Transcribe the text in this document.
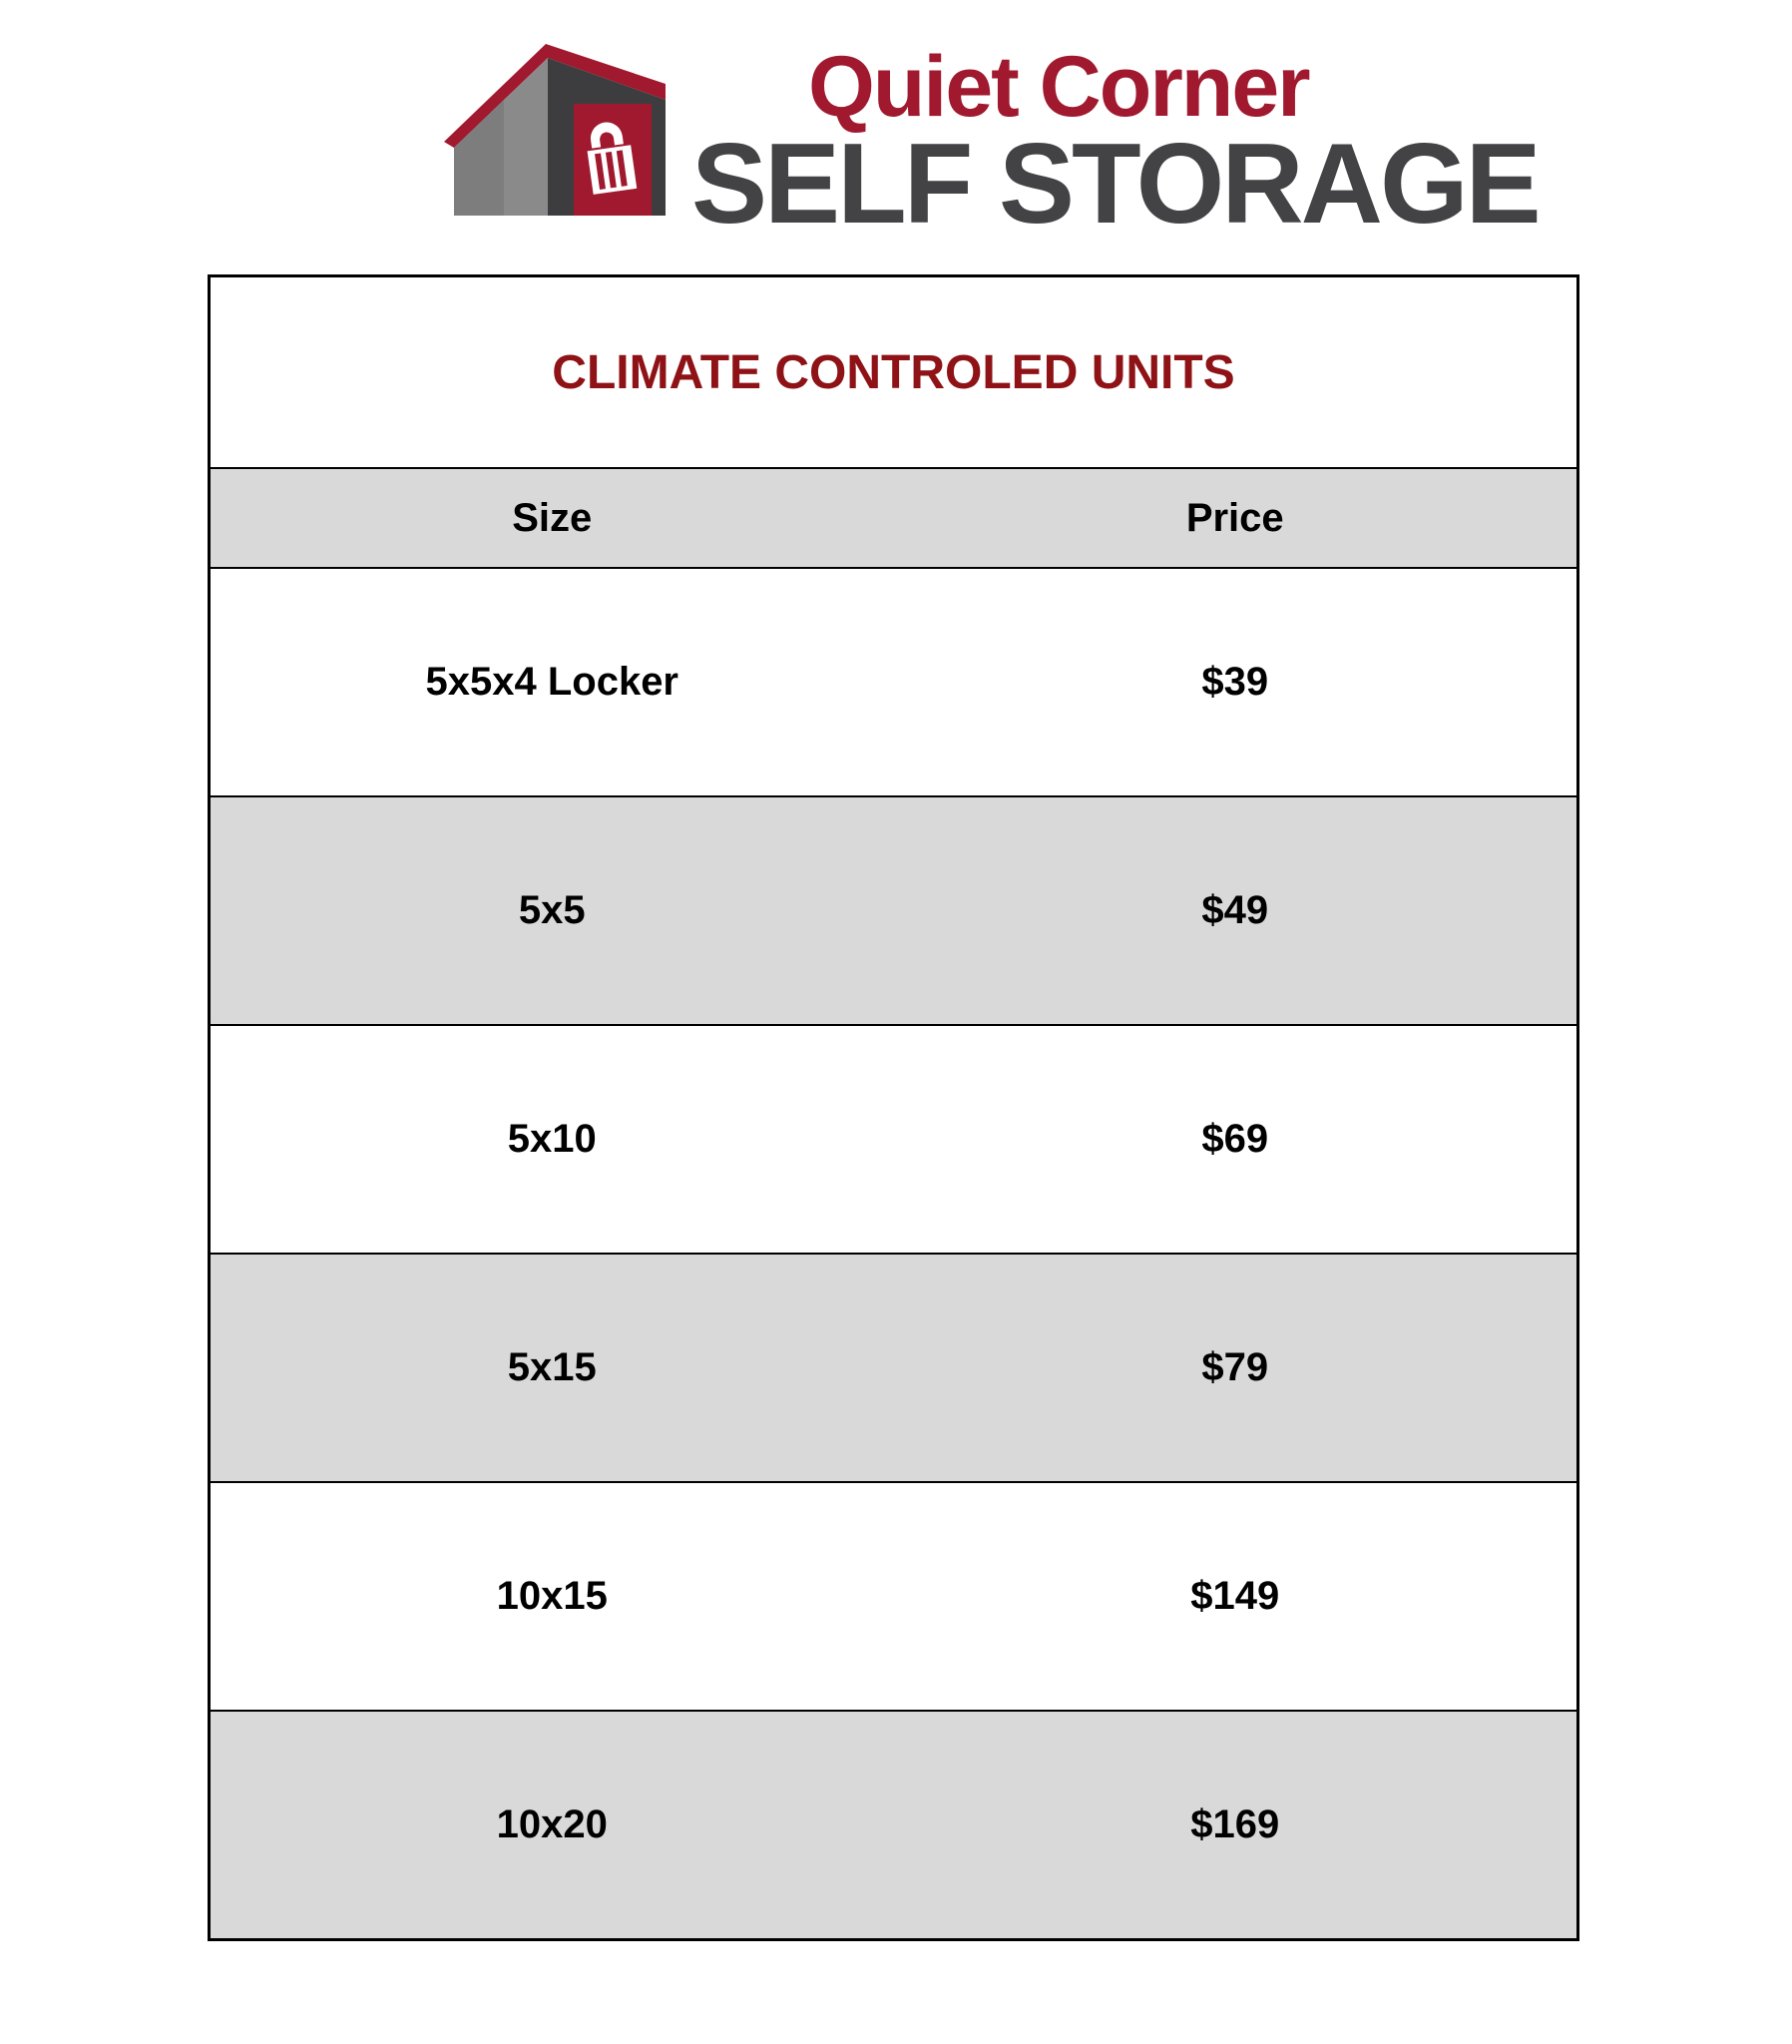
Quiet Corner
SELF STORAGE
CLIMATE CONTROLED UNITS	
Size	Price
5x5x4 Locker	$39
5x5	$49
5x10	$69
5x15	$79
10x15	$149
10x20	$169
